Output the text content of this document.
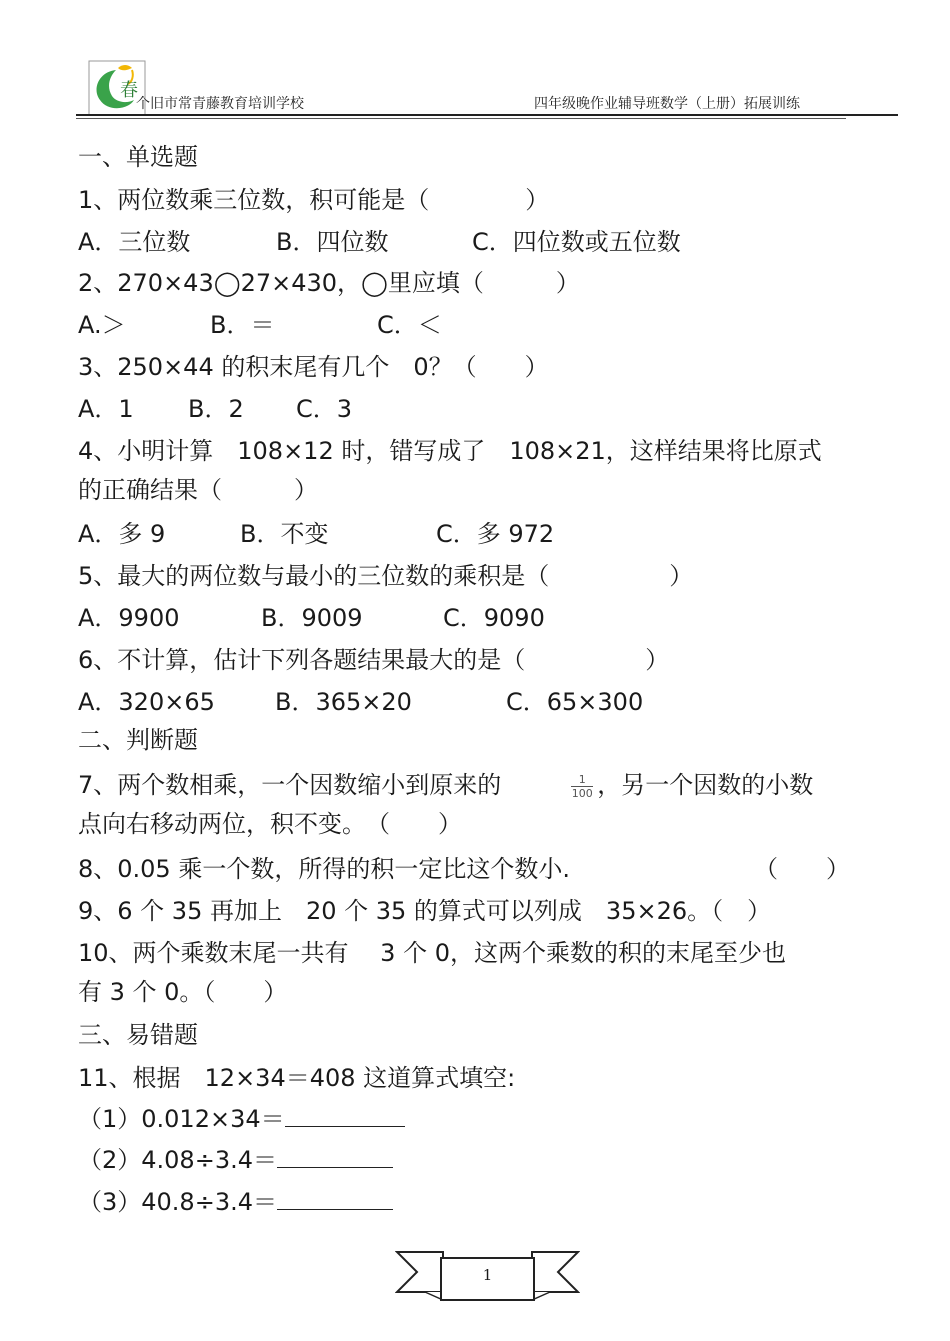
春
个旧市常青藤教育培训学校	四年级晚作业辅导班数学（上册）拓展训练
一、单选题
1、两位数乘三位数，积可能是（　　　　）
A．三位数	B．四位数	C．四位数或五位数
2、270×43◯27×430，◯里应填（　　　）
A.＞	B．＝	C．＜
3、250×44 的积末尾有几个　0？（　　）
A．1 B．2 C．3
4、小明计算　108×12 时，错写成了　108×21，这样结果将比原式
的正确结果（　　　）
A．多 9	B．不变	C．多 972
5、最大的两位数与最小的三位数的乘积是（　　　　　）
A．9900	B．9009	C．9090
6、不计算，估计下列各题结果最大的是（　　　　　）
A．320×65	B．365×20	C．65×300
二、判断题
7、两个数相乘，一个因数缩小到原来的	$\frac{1}{100}$ ，另一个因数的小数
点向右移动两位，积不变。　（　　）
8、0.05 乘一个数，所得的积一定比这个数小.	（　　）
9、6 个 35 再加上　20 个 35 的算式可以列成　35×26。（　）
10、两个乘数末尾一共有　 3 个 0，这两个乘数的积的末尾至少也
有 3 个 0。（　　）
三、易错题
11、根据　12×34＝408 这道算式填空:
（1）0.012×34＝
（2）4.08÷3.4＝
（3）40.8÷3.4＝
1
